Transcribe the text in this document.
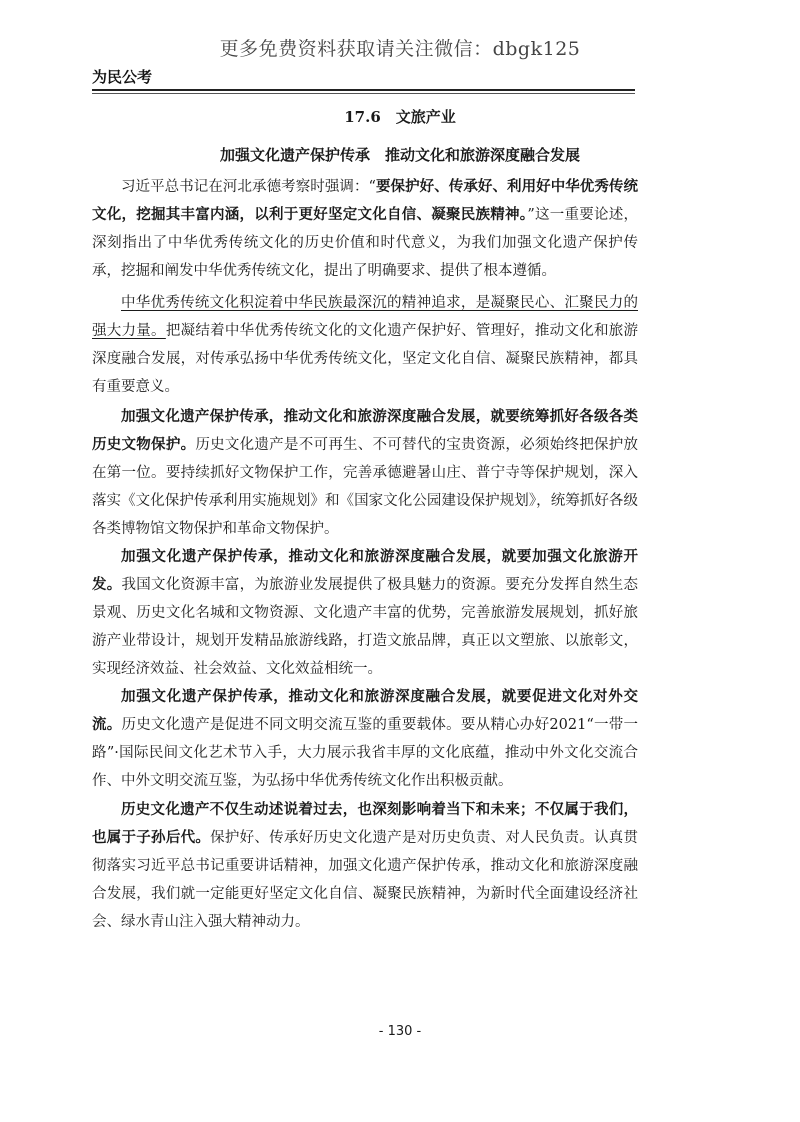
更多免费资料获取请关注微信：dbgk125
为民公考
17.6　文旅产业
加强文化遗产保护传承　推动文化和旅游深度融合发展

习近平总书记在河北承德考察时强调：“要保护好、传承好、利用好中华优秀传统文化，挖掘其丰富内涵，以利于更好坚定文化自信、凝聚民族精神。”这一重要论述，深刻指出了中华优秀传统文化的历史价值和时代意义，为我们加强文化遗产保护传承，挖掘和阐发中华优秀传统文化，提出了明确要求、提供了根本遵循。

中华优秀传统文化积淀着中华民族最深沉的精神追求，是凝聚民心、汇聚民力的强大力量。把凝结着中华优秀传统文化的文化遗产保护好、管理好，推动文化和旅游深度融合发展，对传承弘扬中华优秀传统文化，坚定文化自信、凝聚民族精神，都具有重要意义。

加强文化遗产保护传承，推动文化和旅游深度融合发展，就要统筹抓好各级各类历史文物保护。历史文化遗产是不可再生、不可替代的宝贵资源，必须始终把保护放在第一位。要持续抓好文物保护工作，完善承德避暑山庄、普宁寺等保护规划，深入落实《文化保护传承利用实施规划》和《国家文化公园建设保护规划》，统筹抓好各级各类博物馆文物保护和革命文物保护。

加强文化遗产保护传承，推动文化和旅游深度融合发展，就要加强文化旅游开发。我国文化资源丰富，为旅游业发展提供了极具魅力的资源。要充分发挥自然生态景观、历史文化名城和文物资源、文化遗产丰富的优势，完善旅游发展规划，抓好旅游产业带设计，规划开发精品旅游线路，打造文旅品牌，真正以文塑旅、以旅彰文，实现经济效益、社会效益、文化效益相统一。

加强文化遗产保护传承，推动文化和旅游深度融合发展，就要促进文化对外交流。历史文化遗产是促进不同文明交流互鉴的重要载体。要从精心办好2021“一带一路”·国际民间文化艺术节入手，大力展示我省丰厚的文化底蕴，推动中外文化交流合作、中外文明交流互鉴，为弘扬中华优秀传统文化作出积极贡献。

历史文化遗产不仅生动述说着过去，也深刻影响着当下和未来；不仅属于我们，也属于子孙后代。保护好、传承好历史文化遗产是对历史负责、对人民负责。认真贯彻落实习近平总书记重要讲话精神，加强文化遗产保护传承，推动文化和旅游深度融合发展，我们就一定能更好坚定文化自信、凝聚民族精神，为新时代全面建设经济社会、绿水青山注入强大精神动力。

- 130 -
